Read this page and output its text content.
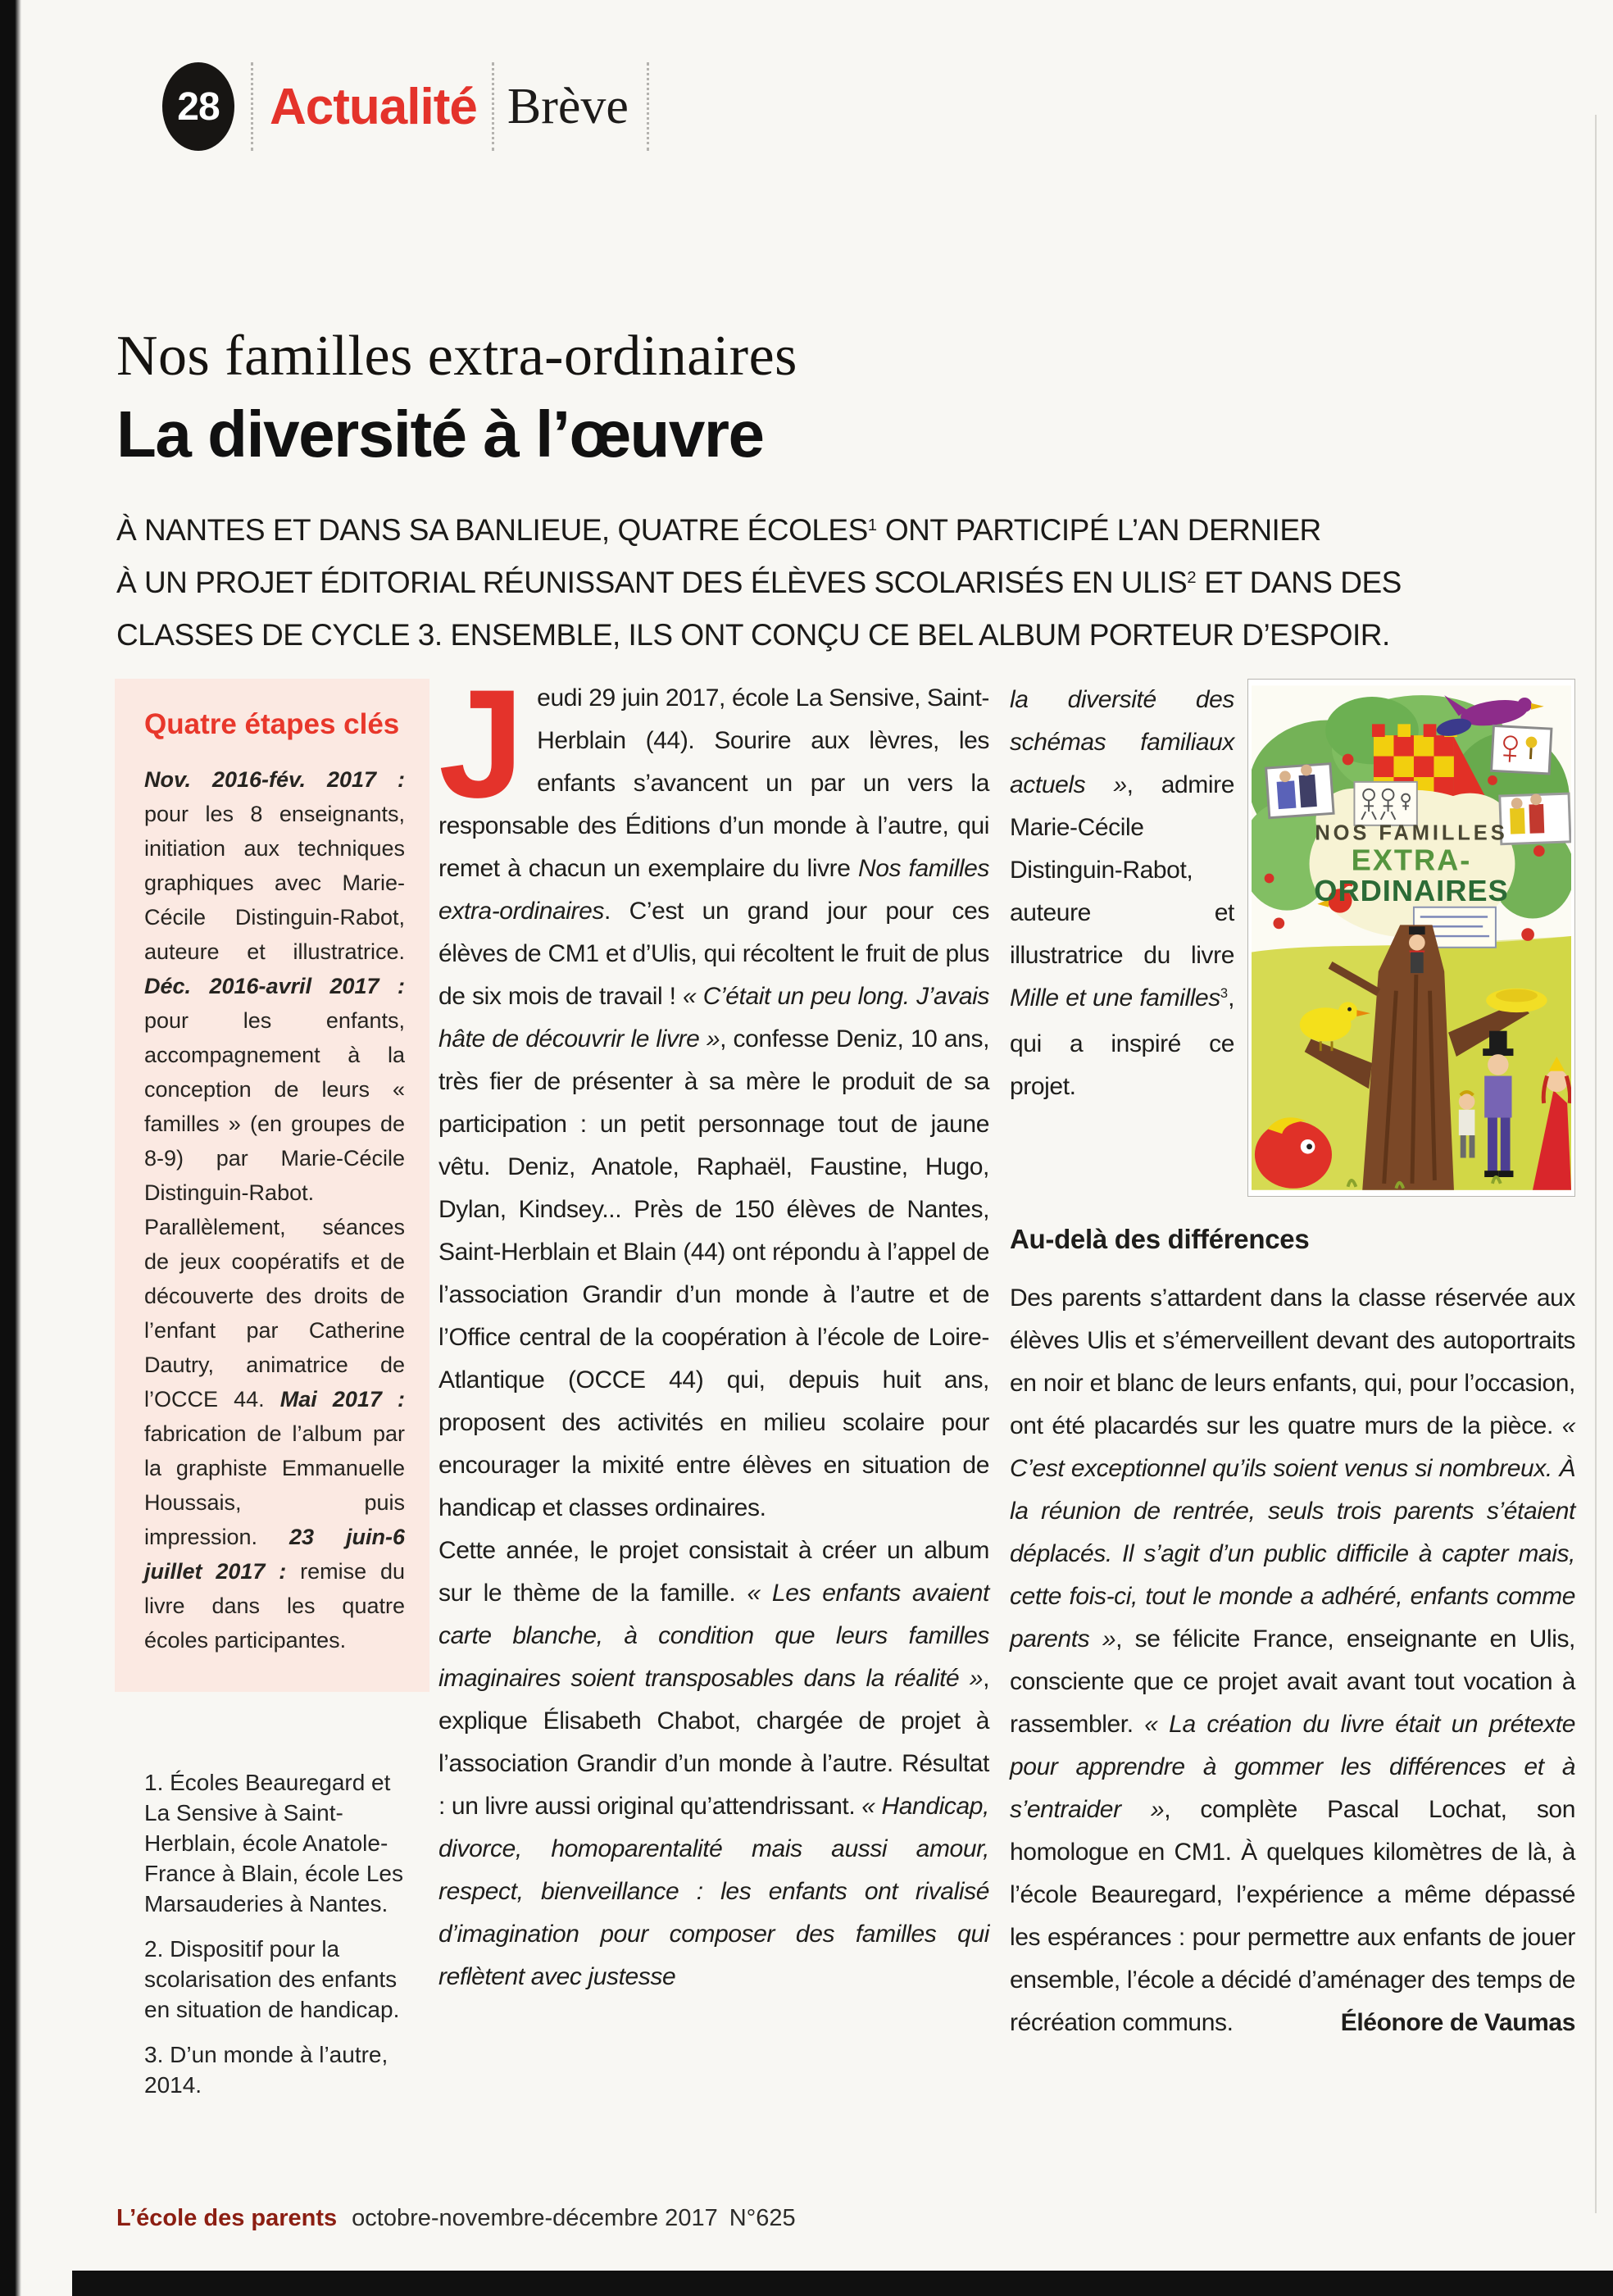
28 Actualité Brève
Nos familles extra-ordinaires
La diversité à l’œuvre
À NANTES ET DANS SA BANLIEUE, QUATRE ÉCOLES$^1$ ONT PARTICIPÉ L’AN DERNIER
À UN PROJET ÉDITORIAL RÉUNISSANT DES ÉLÈVES SCOLARISÉS EN ULIS$^2$ ET DANS DES
CLASSES DE CYCLE 3. ENSEMBLE, ILS ONT CONÇU CE BEL ALBUM PORTEUR D’ESPOIR.
Quatre étapes clés
Nov. 2016-fév. 2017 : pour les 8 enseignants, initiation aux techniques graphiques avec Marie-Cécile Distinguin-Rabot, auteure et illustratrice. Déc. 2016-avril 2017 : pour les enfants, accompagnement à la conception de leurs « familles » (en groupes de 8-9) par Marie-Cécile Distinguin-Rabot. Parallèlement, séances de jeux coopératifs et de découverte des droits de l’enfant par Catherine Dautry, animatrice de l’OCCE 44. Mai 2017 : fabrication de l’album par la graphiste Emmanuelle Houssais, puis impression. 23 juin-6 juillet 2017 : remise du livre dans les quatre écoles participantes.

1. Écoles Beauregard et La Sensive à Saint-Herblain, école Anatole-France à Blain, école Les Marsauderies à Nantes.

2. Dispositif pour la scolarisation des enfants en situation de handicap.

3. D’un monde à l’autre, 2014.

Jeudi 29 juin 2017, école La Sensive, Saint-Herblain (44). Sourire aux lèvres, les enfants s’avancent un par un vers la responsable des Éditions d’un monde à l’autre, qui remet à chacun un exemplaire du livre Nos familles extra-ordinaires. C’est un grand jour pour ces élèves de CM1 et d’Ulis, qui récoltent le fruit de plus de six mois de travail ! « C’était un peu long. J’avais hâte de découvrir le livre », confesse Deniz, 10 ans, très fier de présenter à sa mère le produit de sa participation : un petit personnage tout de jaune vêtu. Deniz, Anatole, Raphaël, Faustine, Hugo, Dylan, Kindsey... Près de 150 élèves de Nantes, Saint-Herblain et Blain (44) ont répondu à l’appel de l’association Grandir d’un monde à l’autre et de l’Office central de la coopération à l’école de Loire-Atlantique (OCCE 44) qui, depuis huit ans, proposent des activités en milieu scolaire pour encourager la mixité entre élèves en situation de handicap et classes ordinaires.

Cette année, le projet consistait à créer un album sur le thème de la famille. « Les enfants avaient carte blanche, à condition que leurs familles imaginaires soient transposables dans la réalité », explique Élisabeth Chabot, chargée de projet à l’association Grandir d’un monde à l’autre. Résultat : un livre aussi original qu’attendrissant. « Handicap, divorce, homoparentalité mais aussi amour, respect, bienveillance : les enfants ont rivalisé d’imagination pour composer des familles qui reflètent avec justesse

NOS FAMILLES
EXTRA-
ORDINAIRES

la diversité des schémas familiaux actuels », admire Marie-Cécile Distinguin-Rabot, auteure et illustratrice du livre Mille et une familles$^3$, qui a inspiré ce projet.

Au-delà des différences

Des parents s’attardent dans la classe réservée aux élèves Ulis et s’émerveillent devant des autoportraits en noir et blanc de leurs enfants, qui, pour l’occasion, ont été placardés sur les quatre murs de la pièce. « C’est exceptionnel qu’ils soient venus si nombreux. À la réunion de rentrée, seuls trois parents s’étaient déplacés. Il s’agit d’un public difficile à capter mais, cette fois-ci, tout le monde a adhéré, enfants comme parents », se félicite France, enseignante en Ulis, consciente que ce projet avait avant tout vocation à rassembler. « La création du livre était un prétexte pour apprendre à gommer les différences et à s’entraider », complète Pascal Lochat, son homologue en CM1. À quelques kilomètres de là, à l’école Beauregard, l’expérience a même dépassé les espérances : pour permettre aux enfants de jouer ensemble, l’école a décidé d’aménager des temps de récréation communs.	Éléonore de Vaumas

L’école des parents octobre-novembre-décembre 2017 N°625
